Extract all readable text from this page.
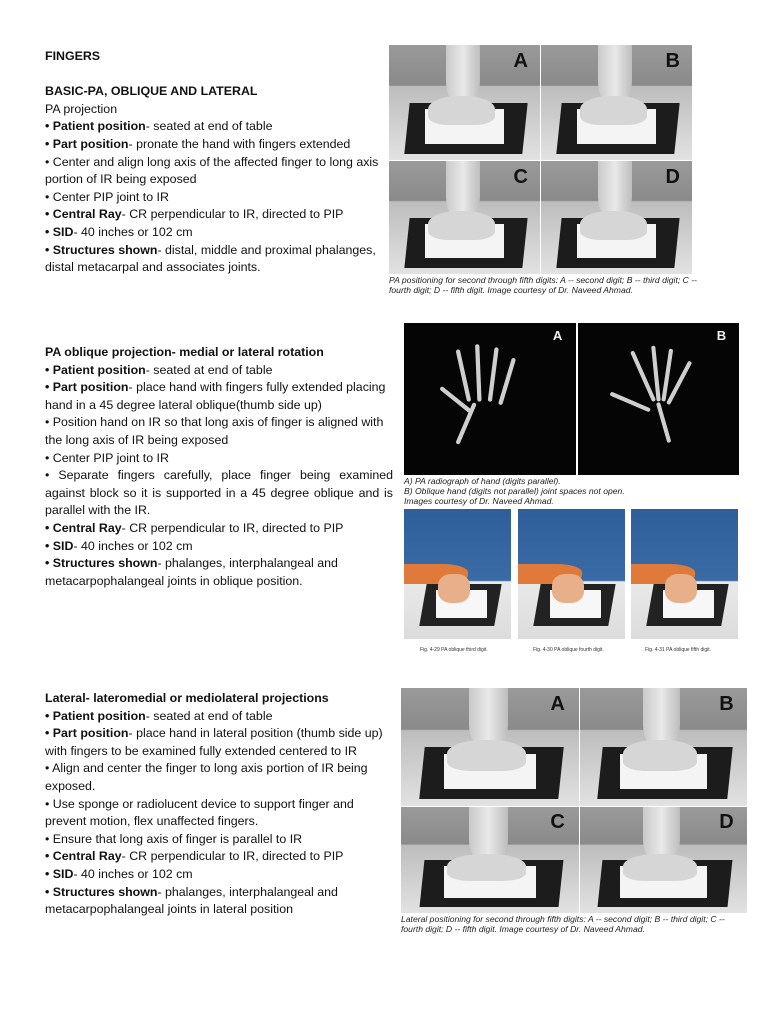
FINGERS

BASIC-PA, OBLIQUE AND LATERAL

PA projection

• Patient position- seated at end of table

• Part position- pronate the hand with fingers extended

• Center and align long axis of the affected finger to long axis portion of IR being exposed

• Center PIP joint to IR

• Central Ray- CR perpendicular to IR, directed to PIP

• SID- 40 inches or 102 cm

• Structures shown- distal, middle and proximal phalanges, distal metacarpal and associates joints.

A	B
C	D
PA positioning for second through fifth digits: A -- second digit; B -- third digit; C -- fourth digit; D -- fifth digit. Image courtesy of Dr. Naveed Ahmad.

PA oblique projection- medial or lateral rotation

• Patient position- seated at end of table

• Part position- place hand with fingers fully extended placing hand in a 45 degree lateral oblique(thumb side up)

• Position hand on IR so that long axis of finger is aligned with the long axis of IR being exposed

• Center PIP joint to IR

• Separate fingers carefully, place finger being examined against block so it is supported in a 45 degree oblique and is parallel with the IR.

• Central Ray- CR perpendicular to IR, directed to PIP

• SID- 40 inches or 102 cm

• Structures shown- phalanges, interphalangeal and metacarpophalangeal joints in oblique position.

A	B

A) PA radiograph of hand (digits parallel).

B) Oblique hand (digits not parallel) joint spaces not open.

Images courtesy of Dr. Naveed Ahmad.

Fig. 4-29 PA oblique third digit.	Fig. 4-30 PA oblique fourth digit.	Fig. 4-31 PA oblique fifth digit.

Lateral- lateromedial or mediolateral projections

• Patient position- seated at end of table

• Part position- place hand in lateral position (thumb side up) with fingers to be examined fully extended centered to IR

• Align and center the finger to long axis portion of IR being exposed.

• Use sponge or radiolucent device to support finger and prevent motion, flex unaffected fingers.

• Ensure that long axis of finger is parallel to IR

• Central Ray- CR perpendicular to IR, directed to PIP

• SID- 40 inches or 102 cm

• Structures shown- phalanges, interphalangeal and metacarpophalangeal joints in lateral position

A	B
C	D
Lateral positioning for second through fifth digits: A -- second digit; B -- third digit; C -- fourth digit; D -- fifth digit. Image courtesy of Dr. Naveed Ahmad.
